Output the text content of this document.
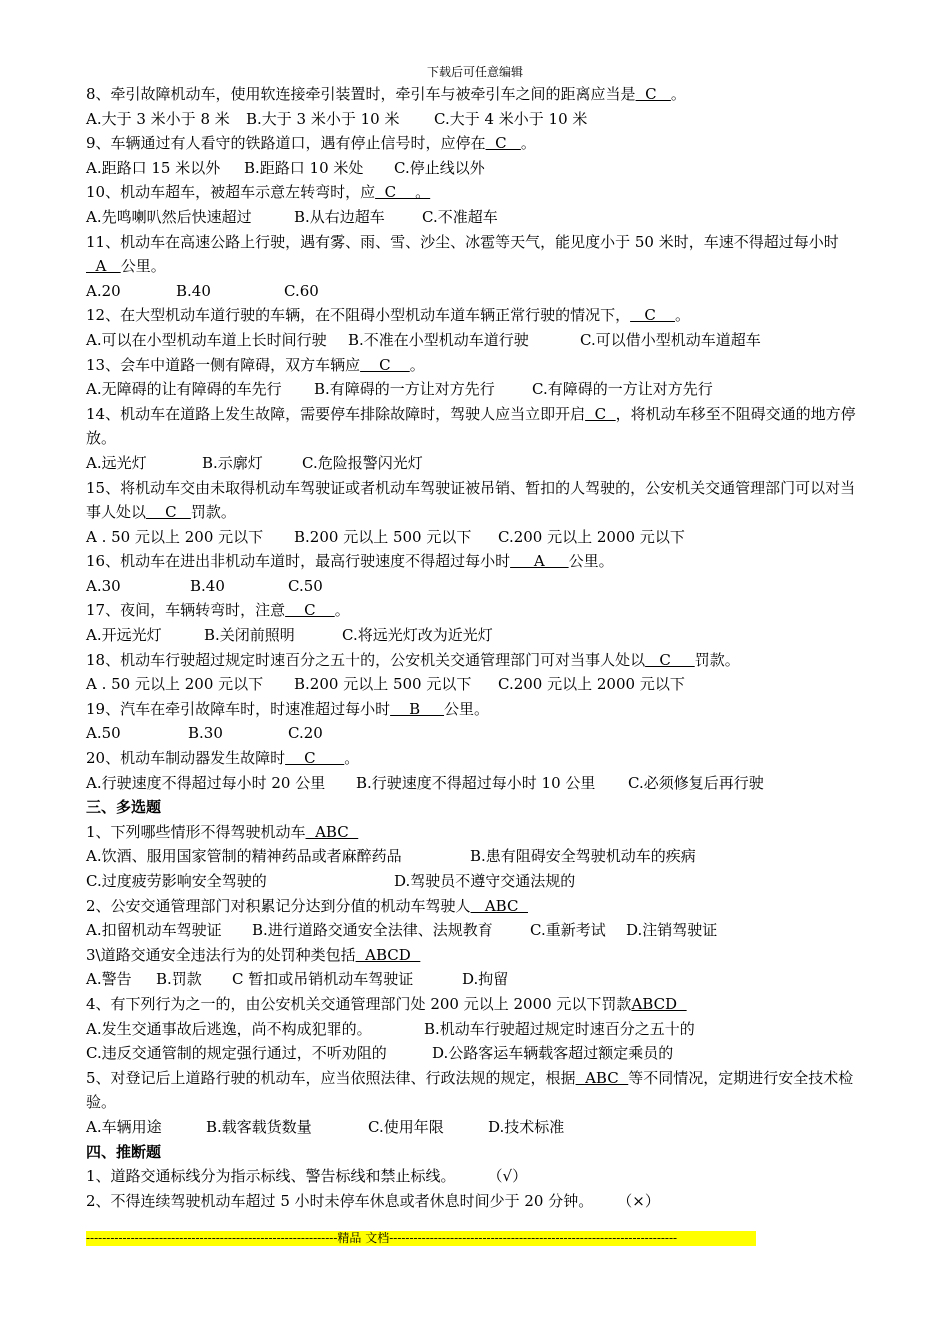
下载后可任意编辑
8、牵引故障机动车，使用软连接牵引装置时，牵引车与被牵引车之间的距离应当是  C   。
A.大于 3 米小于 8 米 B.大于 3 米小于 10 米 C.大于 4 米小于 10 米
9、车辆通过有人看守的铁路道口，遇有停止信号时，应停在  C   。
A.距路口 15 米以外 B.距路口 10 米处 C.停止线以外
10、机动车超车，被超车示意左转弯时，应  C    。
A.先鸣喇叭然后快速超过	B.从右边超车 C.不准超车
11、机动车在高速公路上行驶，遇有雾、雨、雪、沙尘、冰雹等天气，能见度小于 50 米时，车速不得超过每小时  A   公里。
A.20	B.40	C.60
12、在大型机动车道行驶的车辆，在不阻碍小型机动车道车辆正常行驶的情况下，   C    。
A.可以在小型机动车道上长时间行驶 B.不准在小型机动车道行驶	C.可以借小型机动车道超车
13、会车中道路一侧有障碍，双方车辆应    C    。
A.无障碍的让有障碍的车先行 B.有障碍的一方让对方先行 C.有障碍的一方让对方先行
14、机动车在道路上发生故障，需要停车排除故障时，驾驶人应当立即开启  C  ，将机动车移至不阻碍交通的地方停放。
A.远光灯	B.示廓灯	C.危险报警闪光灯
15、将机动车交由未取得机动车驾驶证或者机动车驾驶证被吊销、暂扣的人驾驶的，公安机关交通管理部门可以对当事人处以    C   罚款。
A . 50 元以上 200 元以下 B.200 元以上 500 元以下 C.200 元以上 2000 元以下
16、机动车在进出非机动车道时，最高行驶速度不得超过每小时     A     公里。
A.30	B.40	C.50
17、夜间，车辆转弯时，注意    C    。
A.开远光灯	B.关闭前照明	C.将远光灯改为近光灯
18、机动车行驶超过规定时速百分之五十的，公安机关交通管理部门可对当事人处以   C     罚款。
A . 50 元以上 200 元以下 B.200 元以上 500 元以下 C.200 元以上 2000 元以下
19、汽车在牵引故障车时，时速准超过每小时    B     公里。
A.50	B.30	C.20
20、机动车制动器发生故障时    C      。
A.行驶速度不得超过每小时 20 公里 B.行驶速度不得超过每小时 10 公里 C.必须修复后再行驶
三、多选题
1、下列哪些情形不得驾驶机动车  ABC
A.饮酒、服用国家管制的精神药品或者麻醉药品	B.患有阻碍安全驾驶机动车的疾病
C.过度疲劳影响安全驾驶的	D.驾驶员不遵守交通法规的
2、公安交通管理部门对积累记分达到分值的机动车驾驶人   ABC
A.扣留机动车驾驶证 B.进行道路交通安全法律、法规教育 C.重新考试 D.注销驾驶证
3\道路交通安全违法行为的处罚种类包括  ABCD
A.警告 B.罚款 C 暂扣或吊销机动车驾驶证	D.拘留
4、有下列行为之一的，由公安机关交通管理部门处 200 元以上 2000 元以下罚款ABCD
A.发生交通事故后逃逸，尚不构成犯罪的。	B.机动车行驶超过规定时速百分之五十的
C.违反交通管制的规定强行通过，不听劝阻的	D.公路客运车辆载客超过额定乘员的
5、对登记后上道路行驶的机动车，应当依照法律、行政法规的规定，根据  ABC  等不同情况，定期进行安全技术检验。
A.车辆用途	B.载客载货数量	C.使用年限	D.技术标准
四、推断题
1、道路交通标线分为指示标线、警告标线和禁止标线。 （√）
2、不得连续驾驶机动车超过 5 小时未停车休息或者休息时间少于 20 分钟。 （×）
--------------------------------------------------------------精品 文档-----------------------------------------------------------------------
